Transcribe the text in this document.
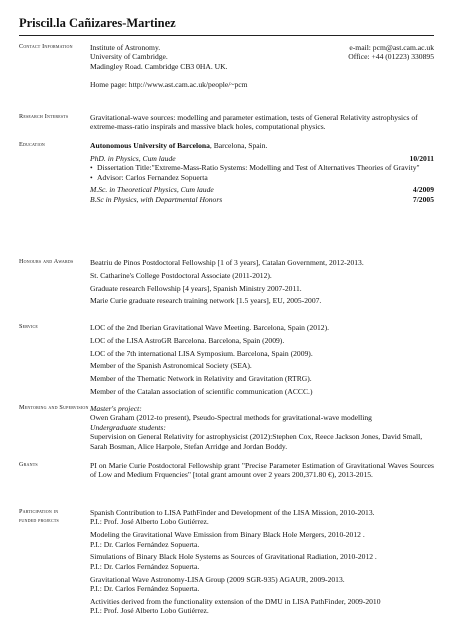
Priscil.la Cañizares-Martinez
Contact Information	Institute of Astronomy.	e-mail: pcm@ast.cam.ac.uk
University of Cambridge.	Office: +44 (01223) 330895
Madingley Road. Cambridge CB3 0HA. UK.
Home page: http://www.ast.cam.ac.uk/people/~pcm
Research Interests	Gravitational-wave sources: modelling and parameter estimation, tests of General Relativity astrophysics of extreme-mass-ratio inspirals and massive black holes, computational physics.
Education	Autonomous University of Barcelona, Barcelona, Spain.
PhD. in Physics, Cum laude	10/2011
• Dissertation Title:"Extreme-Mass-Ratio Systems: Modelling and Test of Alternatives Theories of Gravity"
• Advisor: Carlos Fernandez Sopuerta
M.Sc. in Theoretical Physics, Cum laude	4/2009
B.Sc in Physics, with Departmental Honors	7/2005
Honours and Awards	Beatriu de Pinos Postdoctoral Fellowship [1 of 3 years], Catalan Government, 2012-2013.
St. Catharine's College Postdoctoral Associate (2011-2012).
Graduate research Fellowship [4 years], Spanish Ministry 2007-2011.
Marie Curie graduate research training network [1.5 years], EU, 2005-2007.
Service	LOC of the 2nd Iberian Gravitational Wave Meeting. Barcelona, Spain (2012).
LOC of the LISA AstroGR Barcelona. Barcelona, Spain (2009).
LOC of the 7th international LISA Symposium. Barcelona, Spain (2009).
Member of the Spanish Astronomical Society (SEA).
Member of the Thematic Network in Relativity and Gravitation (RTRG).
Member of the Catalan association of scientific communication (ACCC.)
Mentoring and Supervision Master's project:
Owen Graham (2012-to present), Pseudo-Spectral methods for gravitational-wave modelling
Undergraduate students:
Supervision on General Relativity for astrophysicist (2012):Stephen Cox, Reece Jackson Jones, David Small, Sarah Bosman, Alice Harpole, Stefan Arridge and Jordan Boddy.
Grants	PI on Marie Curie Postdoctoral Fellowship grant "Precise Parameter Estimation of Gravitational Waves Sources of Low and Medium Frquencies" [total grant amount over 2 years 200,371.80 €), 2013-2015.
Participation in funded projects
Spanish Contribution to LISA PathFinder and Development of the LISA Mission, 2010-2013.
P.I.: Prof. José Alberto Lobo Gutiérrez.
Modeling the Gravitational Wave Emission from Binary Black Hole Mergers, 2010-2012 .
P.I.: Dr. Carlos Fernández Sopuerta.
Simulations of Binary Black Hole Systems as Sources of Gravitational Radiation, 2010-2012 .
P.I.: Dr. Carlos Fernández Sopuerta.
Gravitational Wave Astronomy-LISA Group (2009 SGR-935) AGAUR, 2009-2013.
P.I.: Dr. Carlos Fernández Sopuerta.
Activities derived from the functionality extension of the DMU in LISA PathFinder, 2009-2010
P.I.: Prof. José Alberto Lobo Gutiérrez.
